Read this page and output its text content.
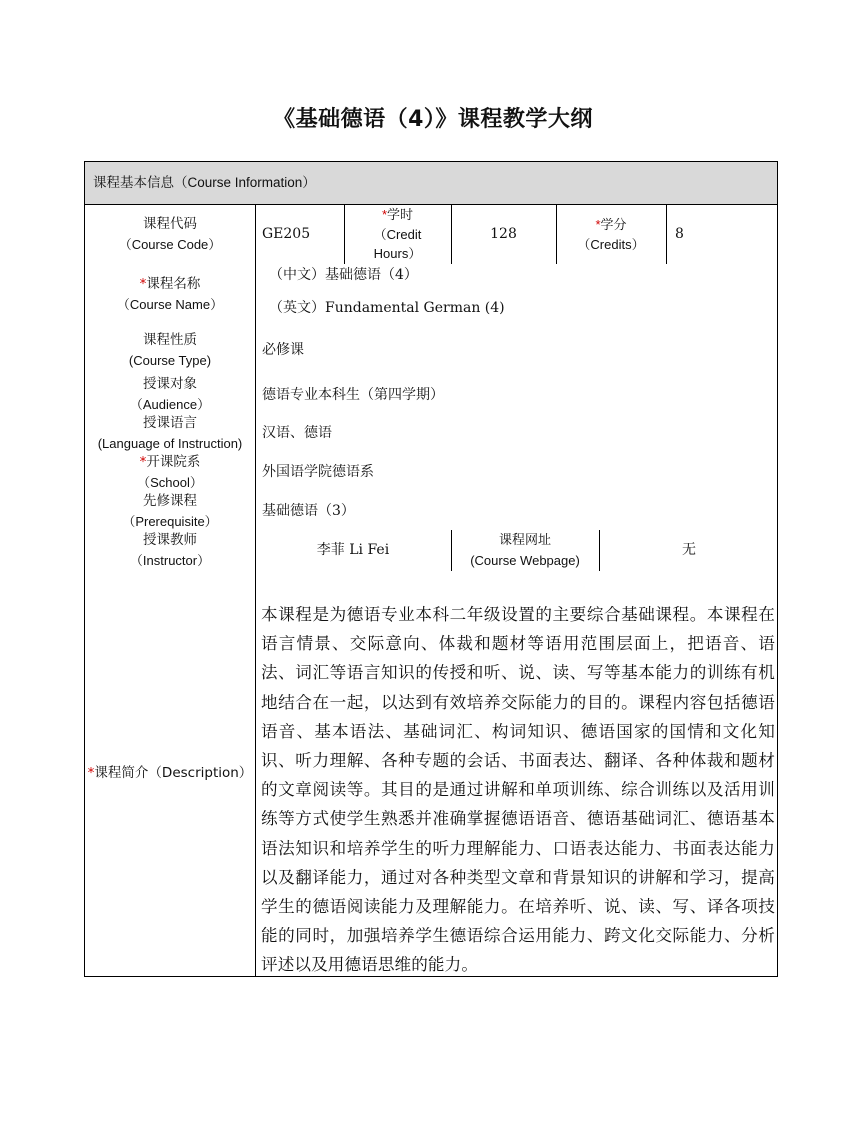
《基础德语（4）》课程教学大纲
课程基本信息（Course Information）
课程代码
（Course Code）
GE205
*学时
（Credit
Hours）
128
*学分
（Credits）
8
*课程名称
（Course Name）
（中文）基础德语（4）
（英文）Fundamental German (4)
课程性质
(Course Type)
必修课
授课对象
（Audience）
德语专业本科生（第四学期）
授课语言
(Language of Instruction)
汉语、德语
*开课院系
（School）
外国语学院德语系
先修课程
（Prerequisite）
基础德语（3）
授课教师
（Instructor）
李菲 Li Fei
课程网址
(Course Webpage)
无
*课程简介（Description）
本课程是为德语专业本科二年级设置的主要综合基础课程。本课程在语言情景、交际意向、体裁和题材等语用范围层面上，把语音、语法、词汇等语言知识的传授和听、说、读、写等基本能力的训练有机地结合在一起，以达到有效培养交际能力的目的。课程内容包括德语语音、基本语法、基础词汇、构词知识、德语国家的国情和文化知识、听力理解、各种专题的会话、书面表达、翻译、各种体裁和题材的文章阅读等。其目的是通过讲解和单项训练、综合训练以及活用训练等方式使学生熟悉并准确掌握德语语音、德语基础词汇、德语基本语法知识和培养学生的听力理解能力、口语表达能力、书面表达能力以及翻译能力，通过对各种类型文章和背景知识的讲解和学习，提高学生的德语阅读能力及理解能力。在培养听、说、读、写、译各项技能的同时，加强培养学生德语综合运用能力、跨文化交际能力、分析评述以及用德语思维的能力。
